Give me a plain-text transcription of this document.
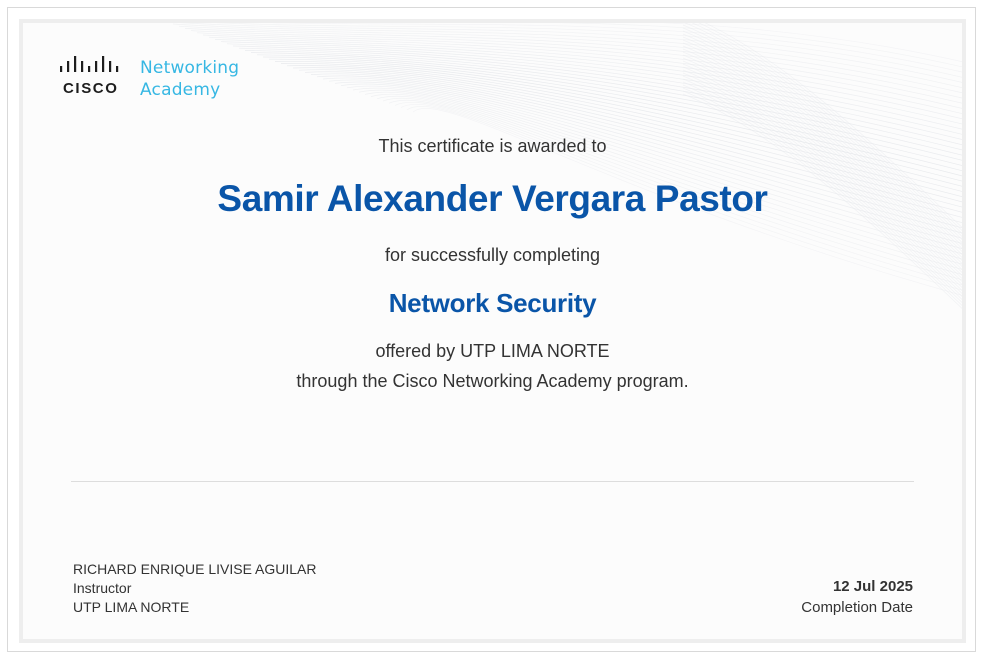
CISCO
Networking
Academy
This certificate is awarded to
Samir Alexander Vergara Pastor
for successfully completing
Network Security
offered by UTP LIMA NORTE
through the Cisco Networking Academy program.
RICHARD ENRIQUE LIVISE AGUILAR
Instructor
UTP LIMA NORTE
12 Jul 2025
Completion Date
